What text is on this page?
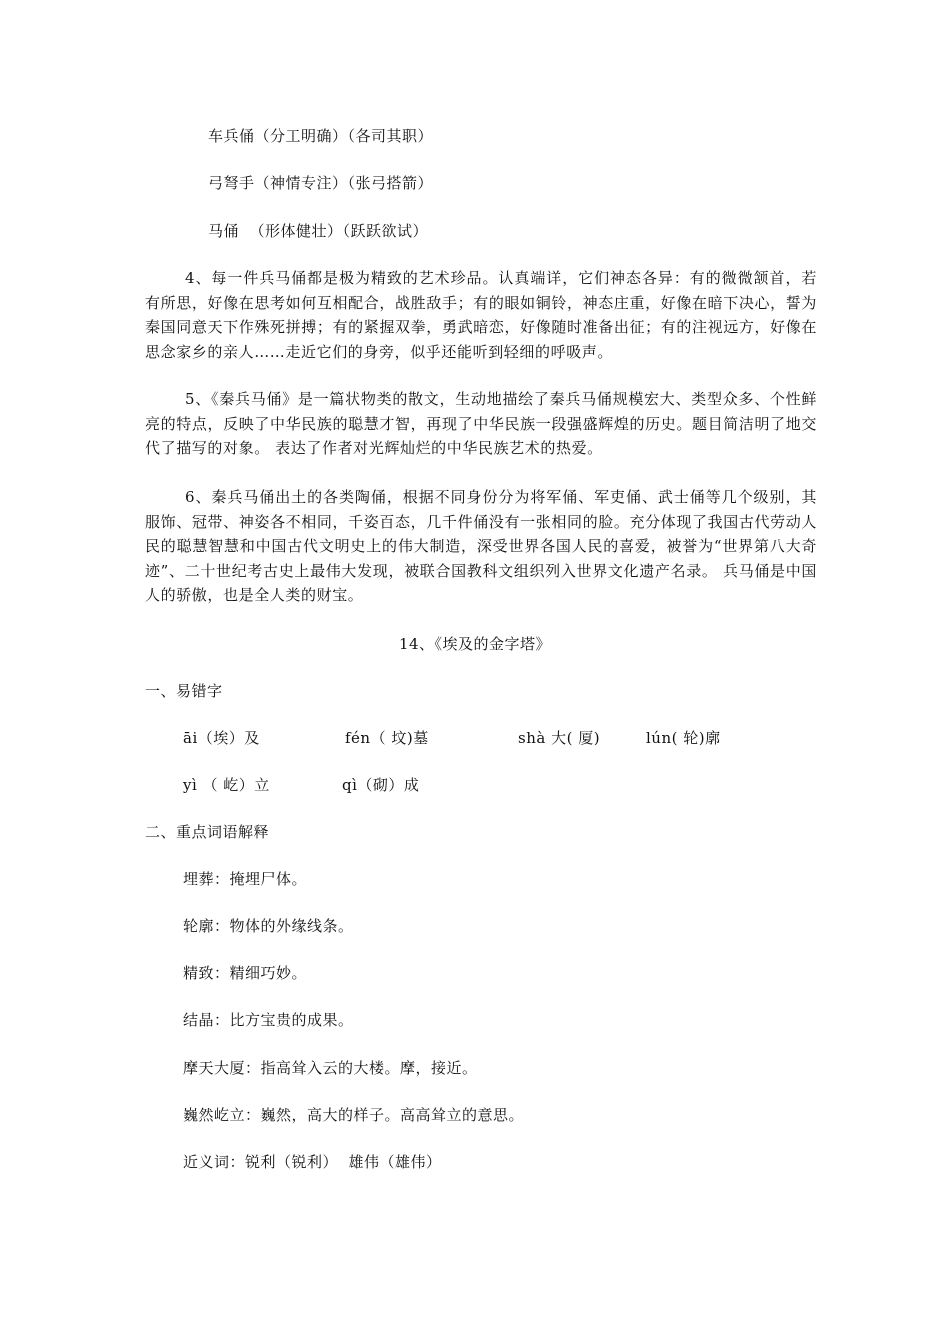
车兵俑（分工明确）（各司其职）
弓弩手（神情专注）（张弓搭箭）
马俑  （形体健壮）（跃跃欲试）
4、每一件兵马俑都是极为精致的艺术珍品。认真端详，它们神态各异：有的微微颔首，若有所思，好像在思考如何互相配合，战胜敌手；有的眼如铜铃，神态庄重，好像在暗下决心，誓为秦国同意天下作殊死拼搏；有的紧握双拳，勇武暗恋，好像随时准备出征；有的注视远方，好像在思念家乡的亲人……走近它们的身旁，似乎还能听到轻细的呼吸声。
5、《秦兵马俑》是一篇状物类的散文，生动地描绘了秦兵马俑规模宏大、类型众多、个性鲜亮的特点，反映了中华民族的聪慧才智，再现了中华民族一段强盛辉煌的历史。题目简洁明了地交代了描写的对象。 表达了作者对光辉灿烂的中华民族艺术的热爱。
6、秦兵马俑出土的各类陶俑，根据不同身份分为将军俑、军吏俑、武士俑等几个级别，其服饰、冠带、神姿各不相同，千姿百态，几千件俑没有一张相同的脸。充分体现了我国古代劳动人民的聪慧智慧和中国古代文明史上的伟大制造，深受世界各国人民的喜爱，被誉为“世界第八大奇迹”、二十世纪考古史上最伟大发现，被联合国教科文组织列入世界文化遗产名录。 兵马俑是中国人的骄傲，也是全人类的财宝。
14、《埃及的金字塔》
一、易错字
āi（埃）及	fén（ 坟)墓	shà 大( 厦)	lún( 轮)廓
yì （ 屹）立	qì（砌）成
二、重点词语解释
埋葬：掩埋尸体。
轮廓：物体的外缘线条。
精致：精细巧妙。
结晶：比方宝贵的成果。
摩天大厦：指高耸入云的大楼。摩，接近。
巍然屹立：巍然，高大的样子。高高耸立的意思。
近义词：锐利（锐利）  雄伟（雄伟）
